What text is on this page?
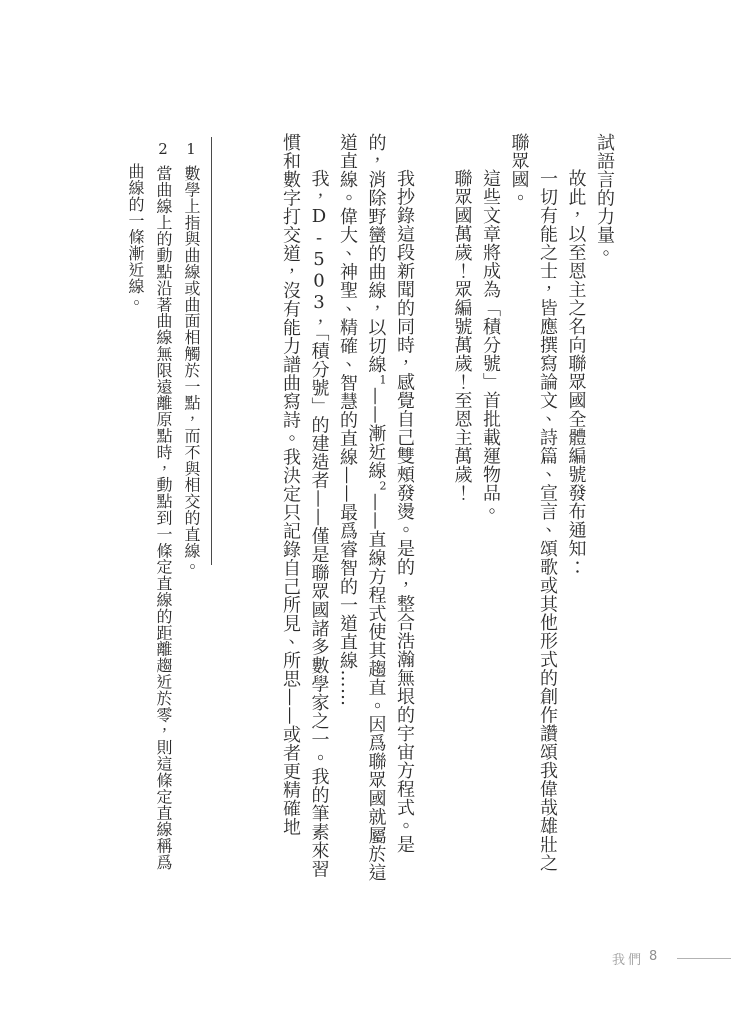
試語言的力量。

故此，以至恩主之名向聯眾國全體編號發布通知：

一切有能之士，皆應撰寫論文、詩篇、宣言、頌歌或其他形式的創作讚頌我偉哉雄壯之聯眾國。

這些文章將成為「積分號」首批載運物品。

聯眾國萬歲！眾編號萬歲！至恩主萬歲！

我抄錄這段新聞的同時，感覺自己雙頰發燙。是的，整合浩瀚無垠的宇宙方程式。是的，消除野蠻的曲線，以切線$^1$——漸近線$^2$——直線方程式使其趨直。因爲聯眾國就屬於這道直線。偉大、神聖、精確、智慧的直線——最爲睿智的一道直線……

我，D-503，「積分號」的建造者——僅是聯眾國諸多數學家之一。我的筆素來習慣和數字打交道，沒有能力譜曲寫詩。我決定只記錄自己所見、所思——或者更精確地

1數學上指與曲線或曲面相觸於一點，而不與相交的直線。

2當曲線上的動點沿著曲線無限遠離原點時，動點到一條定直線的距離趨近於零，則這條定直線稱爲曲線的一條漸近線。

我們 8
